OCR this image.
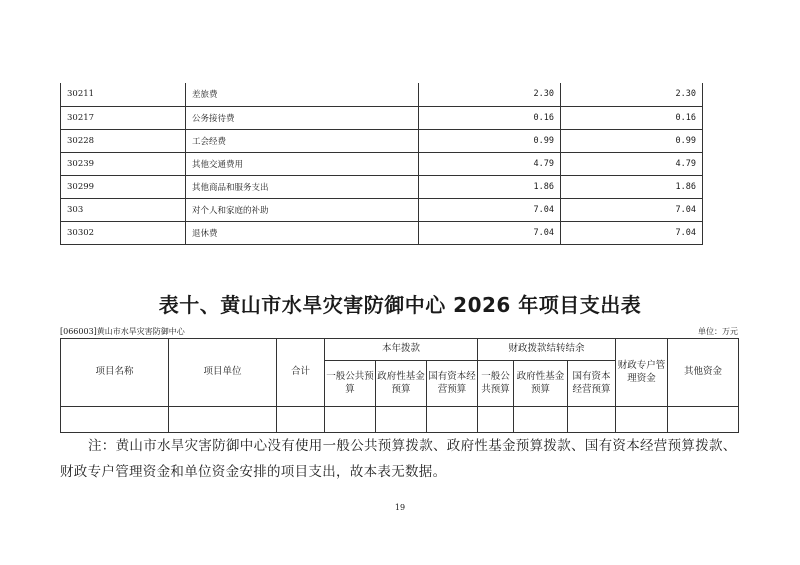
30211	差旅费	2.30	2.30
30217	公务接待费	0.16	0.16
30228	工会经费	0.99	0.99
30239	其他交通费用	4.79	4.79
30299	其他商品和服务支出	1.86	1.86
303	对个人和家庭的补助	7.04	7.04
30302	退休费	7.04	7.04
表十、黄山市水旱灾害防御中心 2026 年项目支出表
[066003]黄山市水旱灾害防御中心	单位：万元
项目名称	项目单位	合计	本年拨款			财政拨款结转结余			财政专户管理资金	其他资金
			一般公共预算	政府性基金预算	国有资本经营预算	一般公共预算	政府性基金预算	国有资本经营预算		

注：黄山市水旱灾害防御中心没有使用一般公共预算拨款、政府性基金预算拨款、国有资本经营预算拨款、财政专户管理资金和单位资金安排的项目支出，故本表无数据。
19
